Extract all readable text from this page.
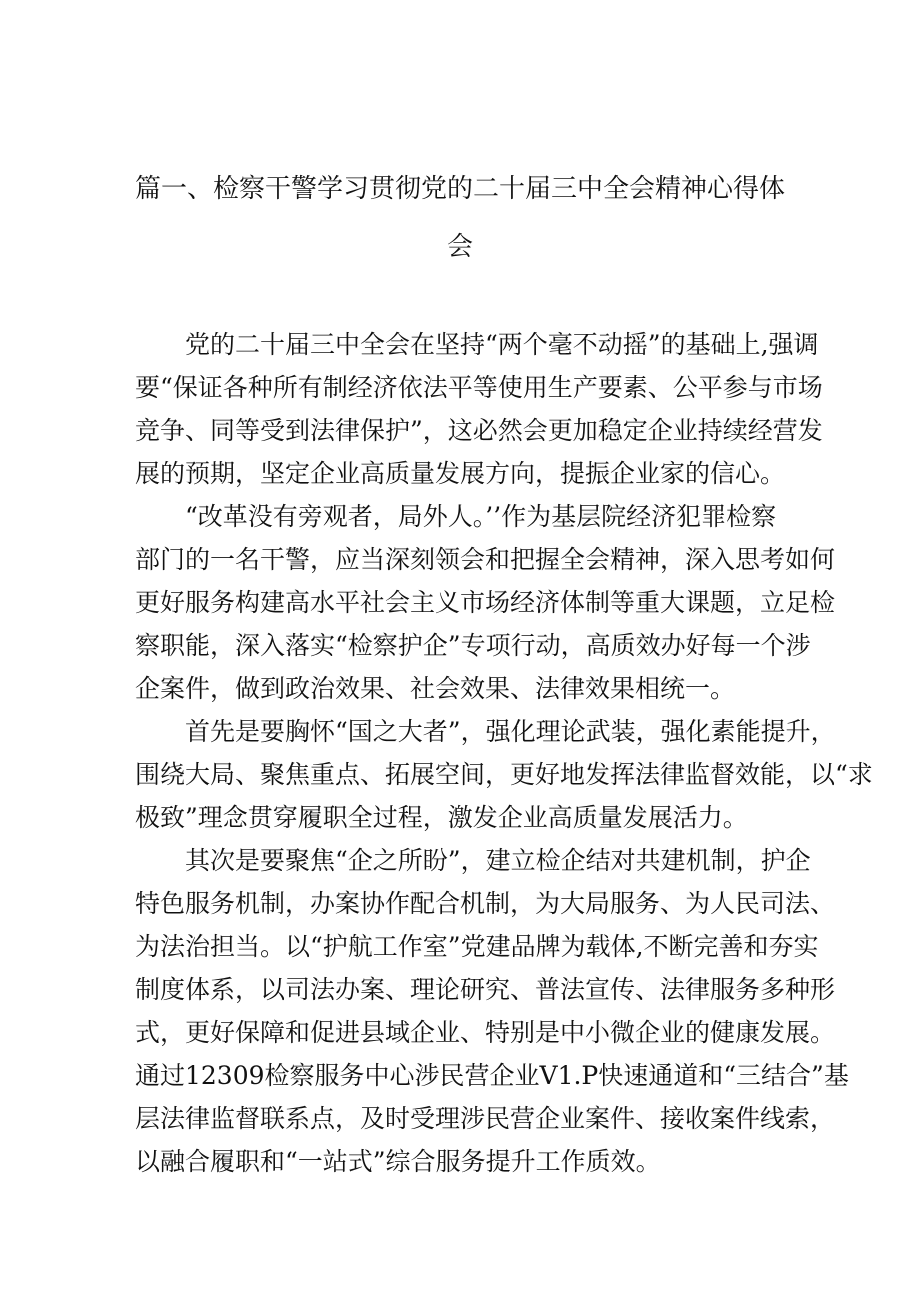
篇一、检察干警学习贯彻党的二十届三中全会精神心得体
会
　　党的二十届三中全会在坚持“两个毫不动摇”的基础上,强调
要“保证各种所有制经济依法平等使用生产要素、公平参与市场
竞争、同等受到法律保护”，这必然会更加稳定企业持续经营发
展的预期，坚定企业高质量发展方向，提振企业家的信心。
　　“改革没有旁观者，局外人。’’作为基层院经济犯罪检察
部门的一名干警，应当深刻领会和把握全会精神，深入思考如何
更好服务构建高水平社会主义市场经济体制等重大课题，立足检
察职能，深入落实“检察护企”专项行动，高质效办好每一个涉
企案件，做到政治效果、社会效果、法律效果相统一。
　　首先是要胸怀“国之大者”，强化理论武装，强化素能提升，
围绕大局、聚焦重点、拓展空间，更好地发挥法律监督效能，以“求
极致”理念贯穿履职全过程，激发企业高质量发展活力。
　　其次是要聚焦“企之所盼”，建立检企结对共建机制，护企
特色服务机制，办案协作配合机制，为大局服务、为人民司法、
为法治担当。以“护航工作室”党建品牌为载体,不断完善和夯实
制度体系，以司法办案、理论研究、普法宣传、法律服务多种形
式，更好保障和促进县域企业、特别是中小微企业的健康发展。
通过12309检察服务中心涉民营企业V1.P快速通道和“三结合”基
层法律监督联系点，及时受理涉民营企业案件、接收案件线索，
以融合履职和“一站式”综合服务提升工作质效。
